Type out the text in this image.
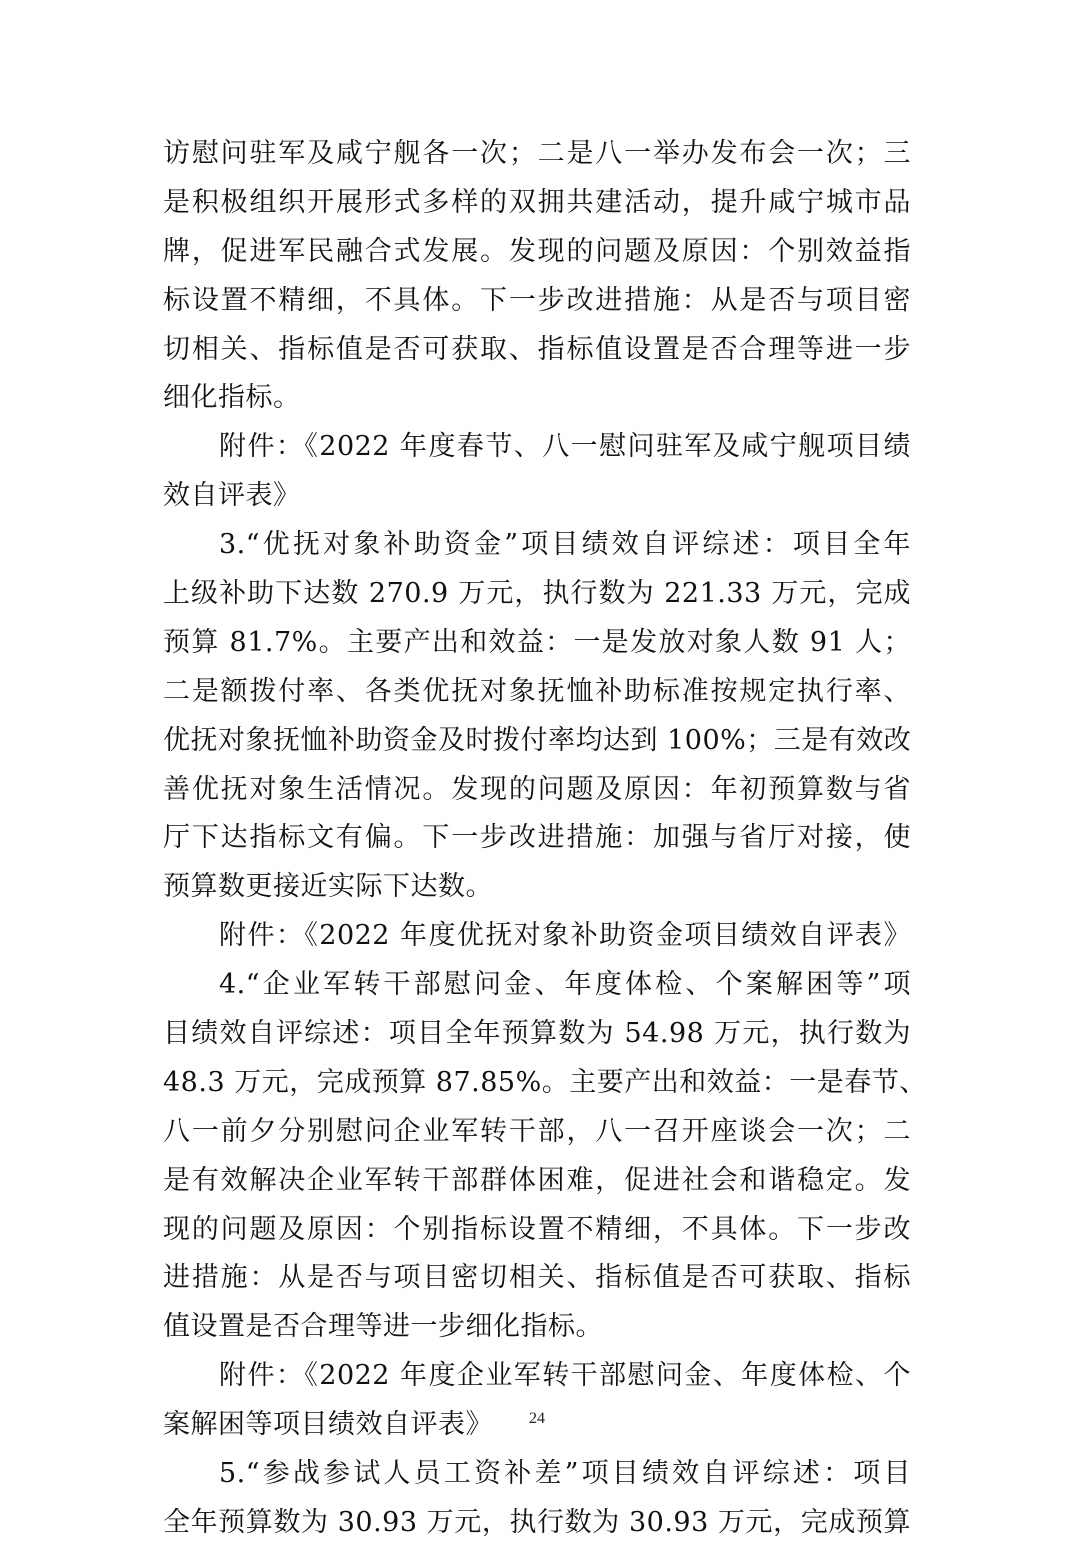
访慰问驻军及咸宁舰各一次；二是八一举办发布会一次；三
是积极组织开展形式多样的双拥共建活动，提升咸宁城市品
牌，促进军民融合式发展。发现的问题及原因：个别效益指
标设置不精细，不具体。下一步改进措施：从是否与项目密
切相关、指标值是否可获取、指标值设置是否合理等进一步
细化指标。
附件：《2022 年度春节、八一慰问驻军及咸宁舰项目绩
效自评表》
3.“优抚对象补助资金”项目绩效自评综述：项目全年
上级补助下达数 270.9 万元，执行数为 221.33 万元，完成
预算 81.7%。主要产出和效益：一是发放对象人数 91 人；
二是额拨付率、各类优抚对象抚恤补助标准按规定执行率、
优抚对象抚恤补助资金及时拨付率均达到 100%；三是有效改
善优抚对象生活情况。发现的问题及原因：年初预算数与省
厅下达指标文有偏。下一步改进措施：加强与省厅对接，使
预算数更接近实际下达数。
附件：《2022 年度优抚对象补助资金项目绩效自评表》
4.“企业军转干部慰问金、年度体检、个案解困等”项
目绩效自评综述：项目全年预算数为 54.98 万元，执行数为
48.3 万元，完成预算 87.85%。主要产出和效益：一是春节、
八一前夕分别慰问企业军转干部，八一召开座谈会一次；二
是有效解决企业军转干部群体困难，促进社会和谐稳定。发
现的问题及原因：个别指标设置不精细，不具体。下一步改
进措施：从是否与项目密切相关、指标值是否可获取、指标
值设置是否合理等进一步细化指标。
附件：《2022 年度企业军转干部慰问金、年度体检、个
案解困等项目绩效自评表》
5.“参战参试人员工资补差”项目绩效自评综述：项目
全年预算数为 30.93 万元，执行数为 30.93 万元，完成预算
24
